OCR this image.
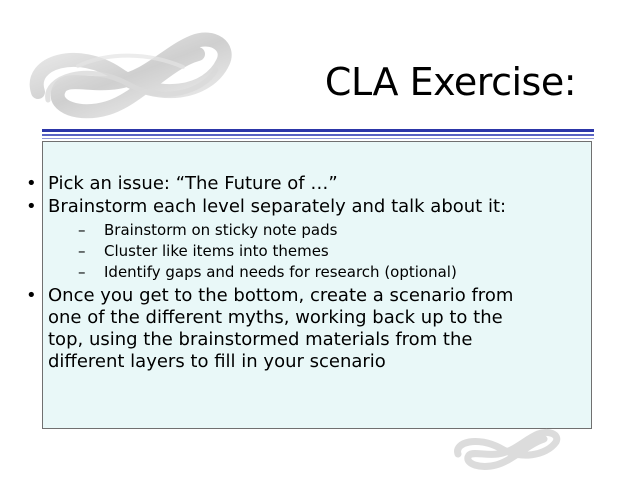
CLA Exercise:
• Pick an issue: “The Future of …”
• Brainstorm each level separately and talk about it:
– Brainstorm on sticky note pads
– Cluster like items into themes
– Identify gaps and needs for research (optional)
• Once you get to the bottom, create a scenario from
one of the different myths, working back up to the
top, using the brainstormed materials from the
different layers to fill in your scenario
